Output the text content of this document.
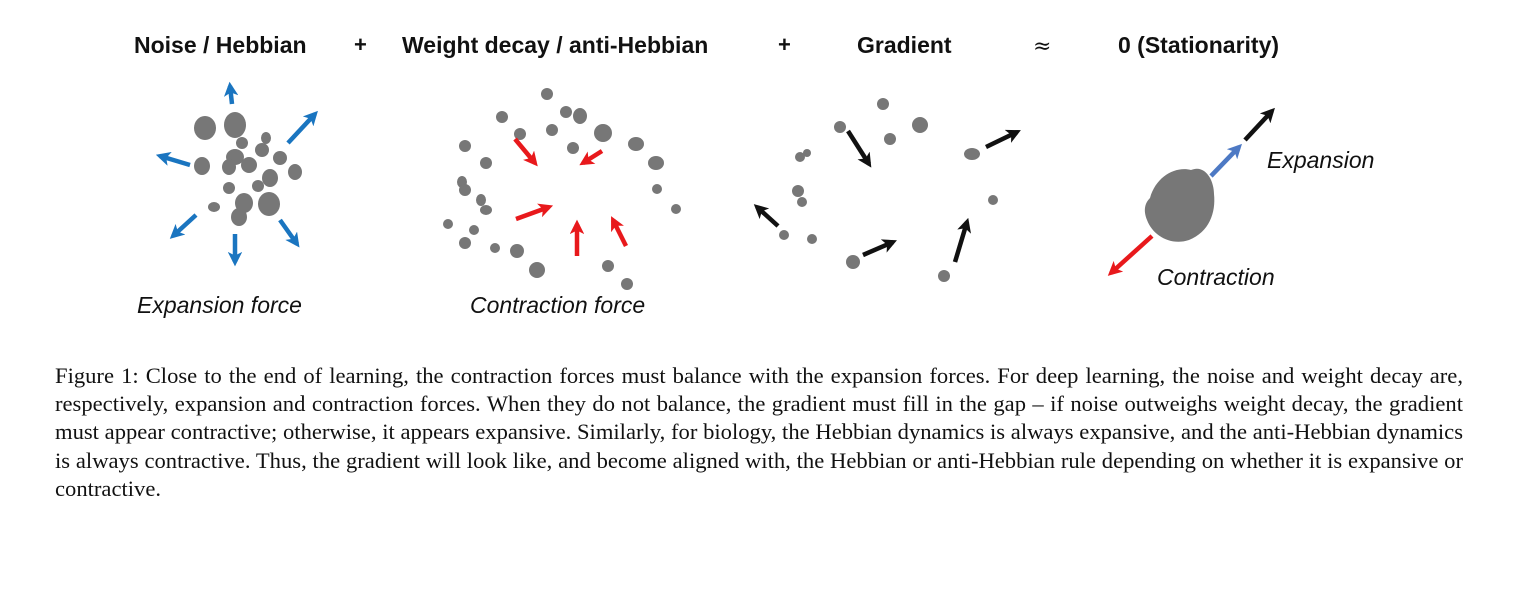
Noise / Hebbian + Weight decay / anti-Hebbian	+	Gradient	≈	0 (Stationarity)
Expansion force	Contraction force
Expansion
Contraction

Figure 1: Close to the end of learning, the contraction forces must balance with the expansion forces. For deep learning, the noise and weight decay are, respectively, expansion and contraction forces. When they do not balance, the gradient must fill in the gap – if noise outweighs weight decay, the gradient must appear contractive; otherwise, it appears expansive. Similarly, for biology, the Hebbian dynamics is always expansive, and the anti-Hebbian dynamics is always contractive. Thus, the gradient will look like, and become aligned with, the Hebbian or anti-Hebbian rule depending on whether it is expansive or contractive.
